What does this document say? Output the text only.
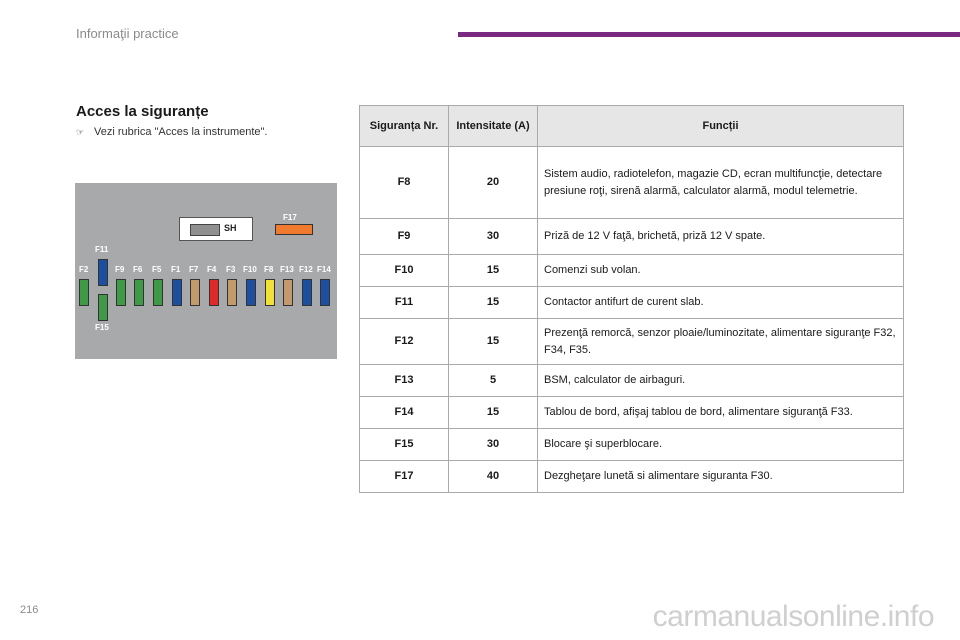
Informaţii practice
Acces la siguranțe
☞ Vezi rubrica "Acces la instrumente".
SH
F2
F11
F15
F9 F6 F5 F1 F7 F4 F3 F10 F8 F13 F12 F14
F17
Siguranța Nr.	Intensitate (A)	Funcții
F8	20	Sistem audio, radiotelefon, magazie CD, ecran multifuncţie, detectare presiune roţi, sirenă alarmă, calculator alarmă, modul telemetrie.
F9	30	Priză de 12 V faţă, brichetă, priză 12 V spate.
F10	15	Comenzi sub volan.
F11	15	Contactor antifurt de curent slab.
F12	15	Prezenţă remorcă, senzor ploaie/luminozitate, alimentare siguranţe F32, F34, F35.
F13	5	BSM, calculator de airbaguri.
F14	15	Tablou de bord, afişaj tablou de bord, alimentare siguranţă F33.
F15	30	Blocare şi superblocare.
F17	40	Dezgheţare lunetă si alimentare siguranta F30.
216	carmanualsonline.info
